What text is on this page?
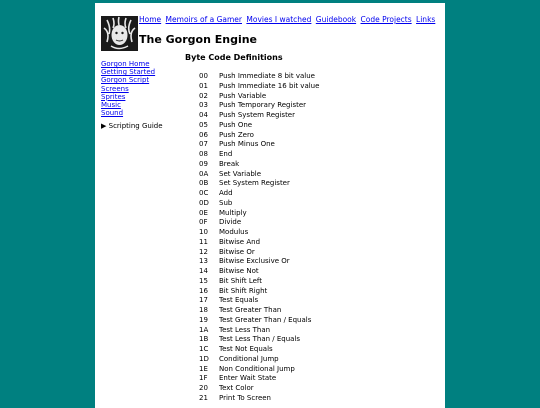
Home Memoirs of a Gamer Movies I watched Guidebook Code Projects Links
The Gorgon Engine
Byte Code Definitions
Gorgon Home
Getting Started
Gorgon Script
Screens
Sprites
Music
Sound
▶ Scripting Guide
00	Push Immediate 8 bit value
01	Push Immediate 16 bit value
02	Push Variable
03	Push Temporary Register
04	Push System Register
05	Push One
06	Push Zero
07	Push Minus One
08	End
09	Break
0A	Set Variable
0B	Set System Register
0C	Add
0D	Sub
0E	Multiply
0F	Divide
10	Modulus
11	Bitwise And
12	Bitwise Or
13	Bitwise Exclusive Or
14	Bitwise Not
15	Bit Shift Left
16	Bit Shift Right
17	Test Equals
18	Test Greater Than
19	Test Greater Than / Equals
1A	Test Less Than
1B	Test Less Than / Equals
1C	Test Not Equals
1D	Conditional Jump
1E	Non Conditional Jump
1F	Enter Wait State
20	Text Color
21	Print To Screen
